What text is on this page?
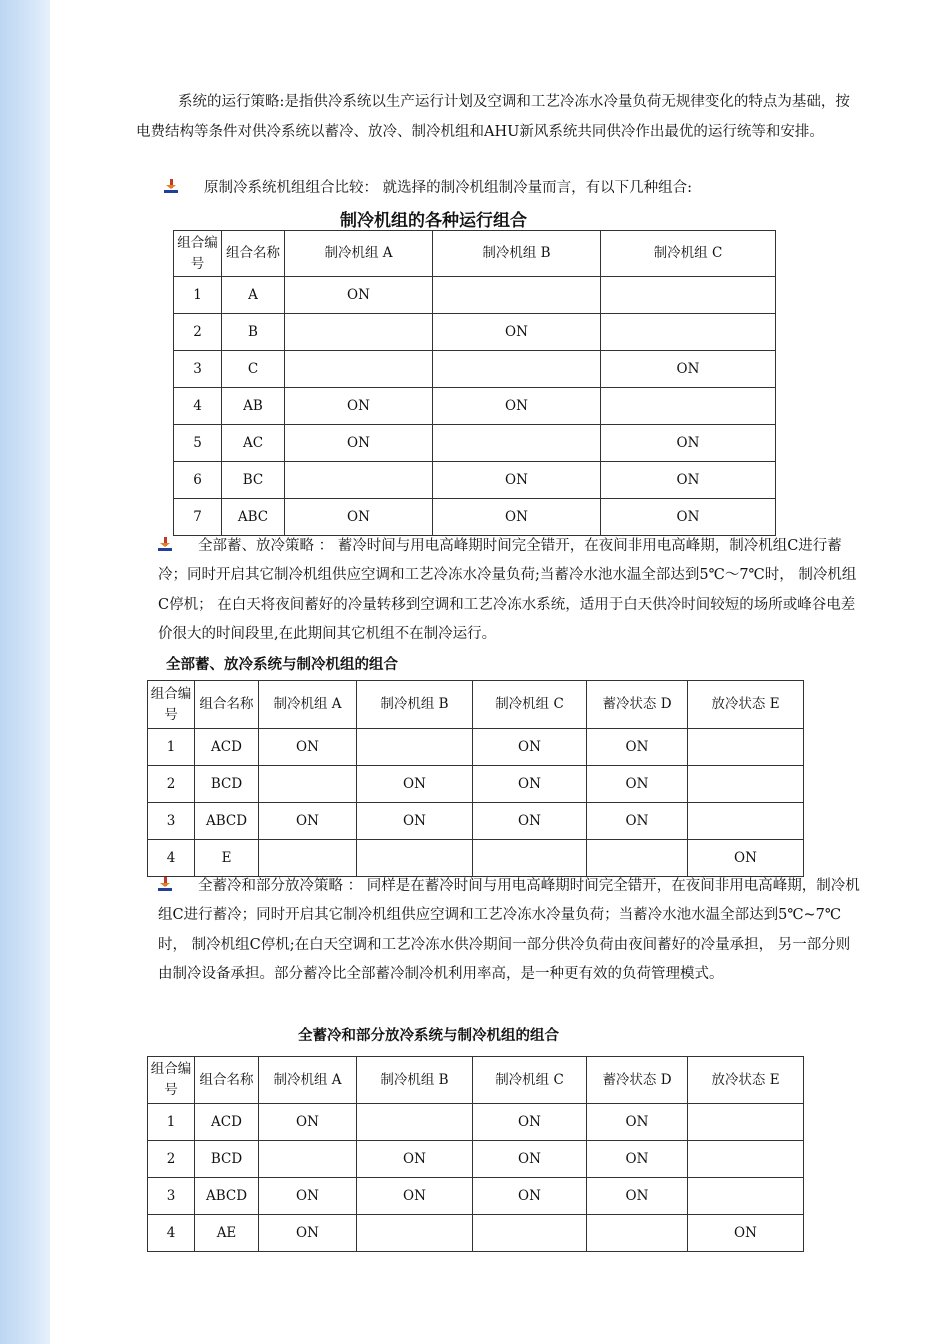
系统的运行策略:是指供冷系统以生产运行计划及空调和工艺冷冻水冷量负荷无规律变化的特点为基础，按电费结构等条件对供冷系统以蓄冷、放冷、制冷机组和AHU新风系统共同供冷作出最优的运行统等和安排。

原制冷系统机组组合比较： 就选择的制冷机组制冷量而言，有以下几种组合:
制冷机组的各种运行组合
组合编号	组合名称	制冷机组 A	制冷机组 B	制冷机组 C
1	A	ON		
2	B		ON	
3	C			ON
4	AB	ON	ON	
5	AC	ON		ON
6	BC		ON	ON
7	ABC	ON	ON	ON
全部蓄、放冷策略 ： 蓄冷时间与用电高峰期时间完全错开，在夜间非用电高峰期，制冷机组C进行蓄冷；同时开启其它制冷机组供应空调和工艺冷冻水冷量负荷;当蓄冷水池水温全部达到5℃～7℃时， 制冷机组C停机； 在白天将夜间蓄好的冷量转移到空调和工艺冷冻水系统，适用于白天供冷时间较短的场所或峰谷电差价很大的时间段里,在此期间其它机组不在制冷运行。
全部蓄、放冷系统与制冷机组的组合
组合编号	组合名称	制冷机组 A	制冷机组 B	制冷机组 C	蓄冷状态 D	放冷状态 E
1	ACD	ON		ON	ON	
2	BCD		ON	ON	ON	
3	ABCD	ON	ON	ON	ON	
4	E					ON
全蓄冷和部分放冷策略 ： 同样是在蓄冷时间与用电高峰期时间完全错开，在夜间非用电高峰期，制冷机组C进行蓄冷；同时开启其它制冷机组供应空调和工艺冷冻水冷量负荷；当蓄冷水池水温全部达到5℃~7℃时， 制冷机组C停机;在白天空调和工艺冷冻水供冷期间一部分供冷负荷由夜间蓄好的冷量承担， 另一部分则由制冷设备承担。部分蓄冷比全部蓄冷制冷机利用率高，是一种更有效的负荷管理模式。
全蓄冷和部分放冷系统与制冷机组的组合
组合编号	组合名称	制冷机组 A	制冷机组 B	制冷机组 C	蓄冷状态 D	放冷状态 E
1	ACD	ON		ON	ON	
2	BCD		ON	ON	ON	
3	ABCD	ON	ON	ON	ON	
4	AE	ON				ON
